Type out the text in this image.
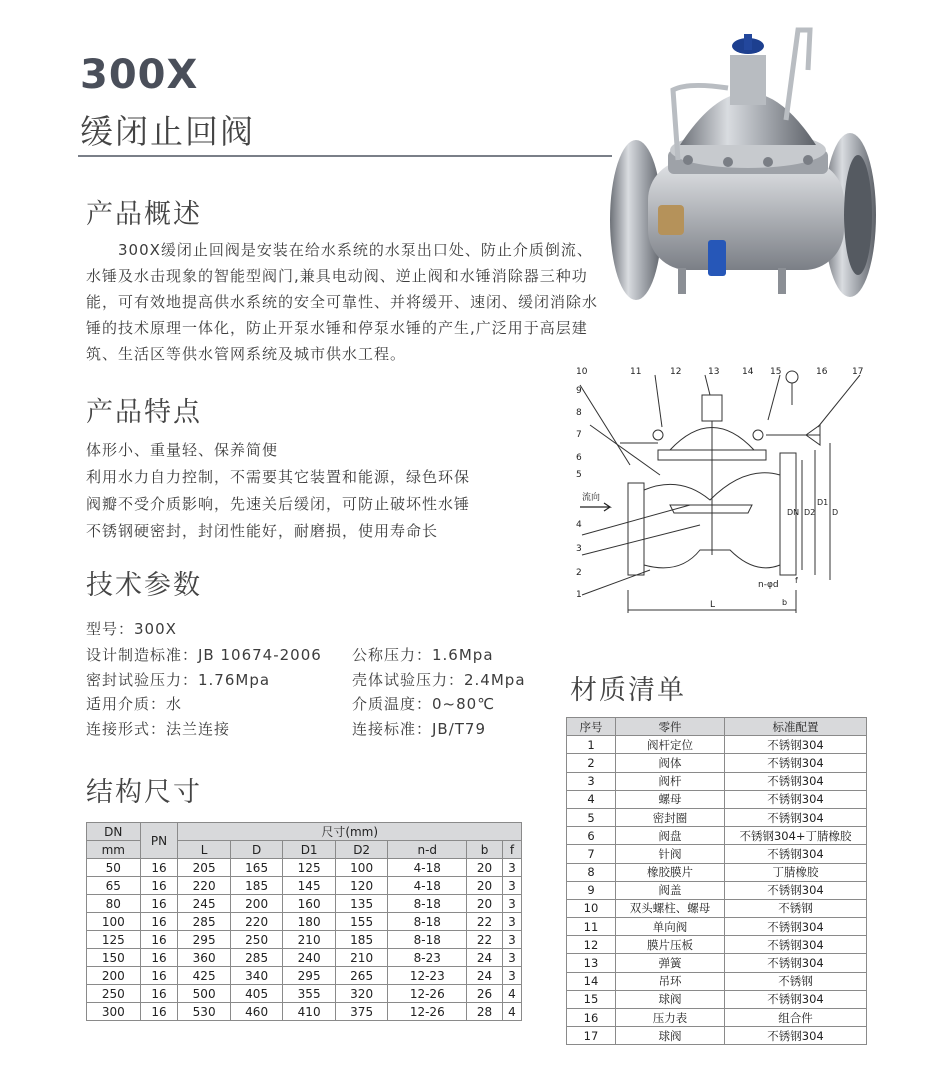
300X
缓闭止回阀
产品概述
300X缓闭止回阀是安装在给水系统的水泵出口处、防止介质倒流、
水锤及水击现象的智能型阀门,兼具电动阀、逆止阀和水锤消除器三种功
能，可有效地提高供水系统的安全可靠性、并将缓开、速闭、缓闭消除水
锤的技术原理一体化，防止开泵水锤和停泵水锤的产生,广泛用于高层建
筑、生活区等供水管网系统及城市供水工程。
产品特点
体形小、重量轻、保养简便
利用水力自力控制，不需要其它装置和能源，绿色环保
阀瓣不受介质影响，先速关后缓闭，可防止破坏性水锤
不锈钢硬密封，封闭性能好，耐磨损，使用寿命长
技术参数
型号：300X
设计制造标准：JB 10674-2006 公称压力：1.6Mpa
密封试验压力：1.76Mpa	壳体试验压力：2.4Mpa
适用介质：水	介质温度：0~80℃
连接形式：法兰连接	连接标准：JB/T79
结构尺寸
DN	PN	尺寸(mm)						
mm		L	D	D1	D2	n-d	b	f
50	16	205	165	125	100	4-18	20	3
65	16	220	185	145	120	4-18	20	3
80	16	245	200	160	135	8-18	20	3
100	16	285	220	180	155	8-18	22	3
125	16	295	250	210	185	8-18	22	3
150	16	360	285	240	210	8-23	24	3
200	16	425	340	295	265	12-23	24	3
250	16	500	405	355	320	12-26	26	4
300	16	530	460	410	375	12-26	28	4
流向
n-φd
L
D
D1
D2
DN
b
f
10	11	12	13	14 15	16	17
9
8
7
6
5
4
3
2
1
材质清单
序号	零件	标准配置
1	阀杆定位	不锈钢304
2	阀体	不锈钢304
3	阀杆	不锈钢304
4	螺母	不锈钢304
5	密封圈	不锈钢304
6	阀盘	不锈钢304+丁腈橡胶
7	针阀	不锈钢304
8	橡胶膜片	丁腈橡胶
9	阀盖	不锈钢304
10	双头螺柱、螺母	不锈钢
11	单向阀	不锈钢304
12	膜片压板	不锈钢304
13	弹簧	不锈钢304
14	吊环	不锈钢
15	球阀	不锈钢304
16	压力表	组合件
17	球阀	不锈钢304
